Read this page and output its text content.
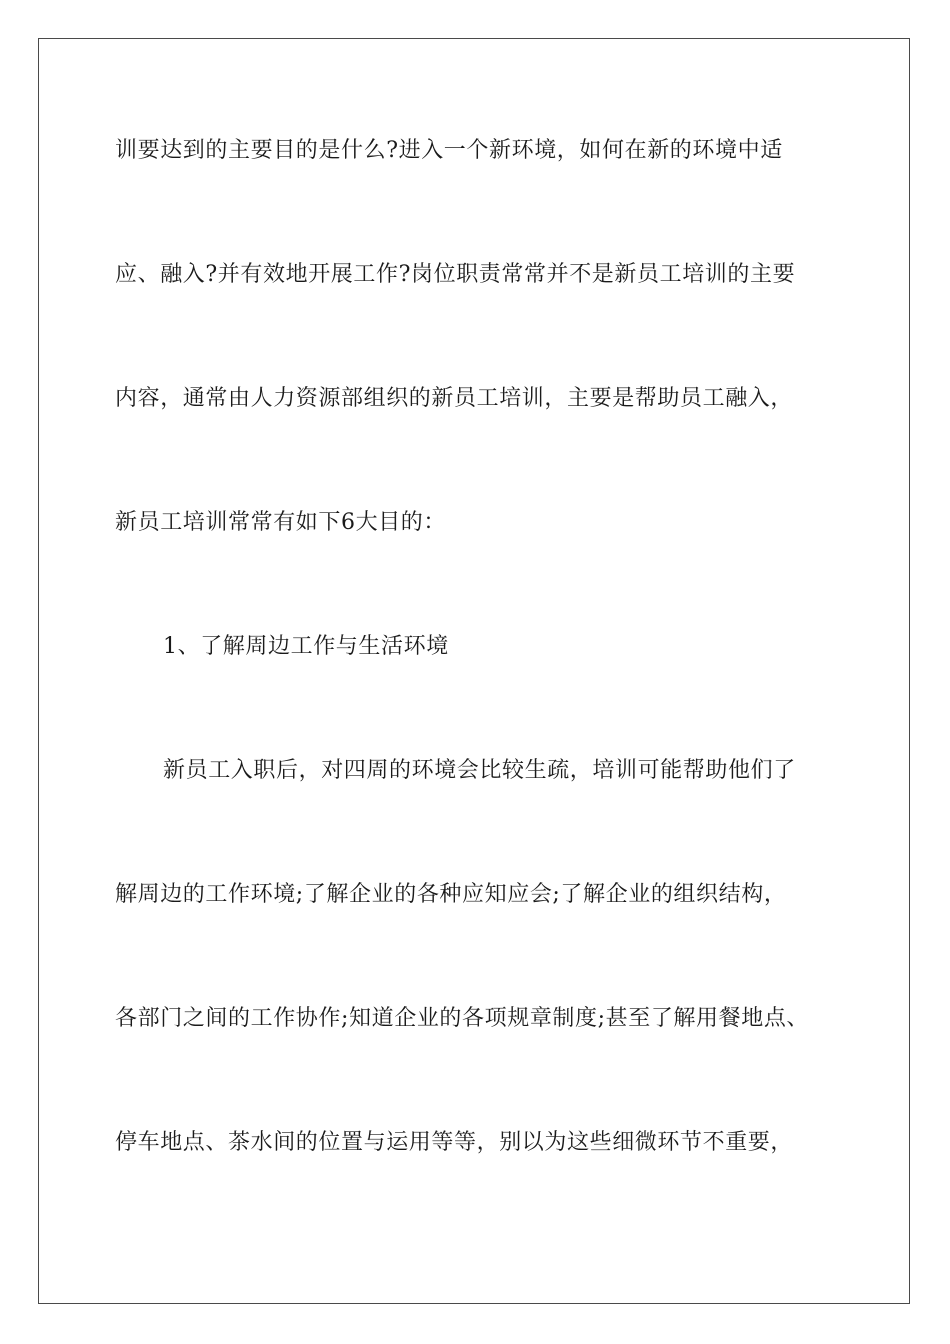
训要达到的主要目的是什么?进入一个新环境，如何在新的环境中适

应、融入?并有效地开展工作?岗位职责常常并不是新员工培训的主要

内容，通常由人力资源部组织的新员工培训，主要是帮助员工融入，

新员工培训常常有如下6大目的：

1、了解周边工作与生活环境

新员工入职后，对四周的环境会比较生疏，培训可能帮助他们了

解周边的工作环境;了解企业的各种应知应会;了解企业的组织结构，

各部门之间的工作协作;知道企业的各项规章制度;甚至了解用餐地点、

停车地点、茶水间的位置与运用等等，别以为这些细微环节不重要，
